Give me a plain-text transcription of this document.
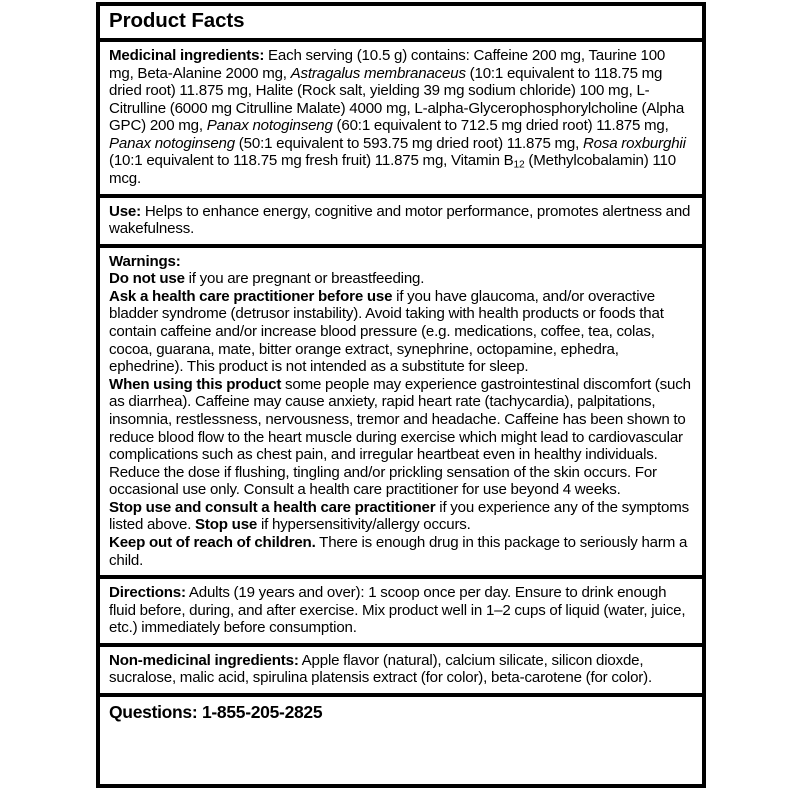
Product Facts

Medicinal ingredients: Each serving (10.5 g) contains: Caffeine 200 mg, Taurine 100 mg, Beta-Alanine 2000 mg, Astragalus membranaceus (10:1 equivalent to 118.75 mg dried root) 11.875 mg, Halite (Rock salt, yielding 39 mg sodium chloride) 100 mg, L-Citrulline (6000 mg Citrulline Malate) 4000 mg, L-alpha-Glycerophosphorylcholine (Alpha GPC) 200 mg, Panax notoginseng (60:1 equivalent to 712.5 mg dried root) 11.875 mg, Panax notoginseng (50:1 equivalent to 593.75 mg dried root) 11.875 mg, Rosa roxburghii (10:1 equivalent to 118.75 mg fresh fruit) 11.875 mg, Vitamin $B_{12}$ (Methylcobalamin) 110 mcg.

Use: Helps to enhance energy, cognitive and motor performance, promotes alertness and wakefulness.

Warnings:

Do not use if you are pregnant or breastfeeding.

Ask a health care practitioner before use if you have glaucoma, and/or overactive bladder syndrome (detrusor instability). Avoid taking with health products or foods that contain caffeine and/or increase blood pressure (e.g. medications, coffee, tea, colas, cocoa, guarana, mate, bitter orange extract, synephrine, octopamine, ephedra, ephedrine). This product is not intended as a substitute for sleep.

When using this product some people may experience gastrointestinal discomfort (such as diarrhea). Caffeine may cause anxiety, rapid heart rate (tachycardia), palpitations, insomnia, restlessness, nervousness, tremor and headache. Caffeine has been shown to reduce blood flow to the heart muscle during exercise which might lead to cardiovascular complications such as chest pain, and irregular heartbeat even in healthy individuals. Reduce the dose if flushing, tingling and/or prickling sensation of the skin occurs. For occasional use only. Consult a health care practitioner for use beyond 4 weeks.

Stop use and consult a health care practitioner if you experience any of the symptoms listed above. Stop use if hypersensitivity/allergy occurs.

Keep out of reach of children. There is enough drug in this package to seriously harm a child.

Directions: Adults (19 years and over): 1 scoop once per day. Ensure to drink enough fluid before, during, and after exercise. Mix product well in 1–2 cups of liquid (water, juice, etc.) immediately before consumption.

Non-medicinal ingredients: Apple flavor (natural), calcium silicate, silicon dioxde, sucralose, malic acid, spirulina platensis extract (for color), beta-carotene (for color).

Questions: 1-855-205-2825
